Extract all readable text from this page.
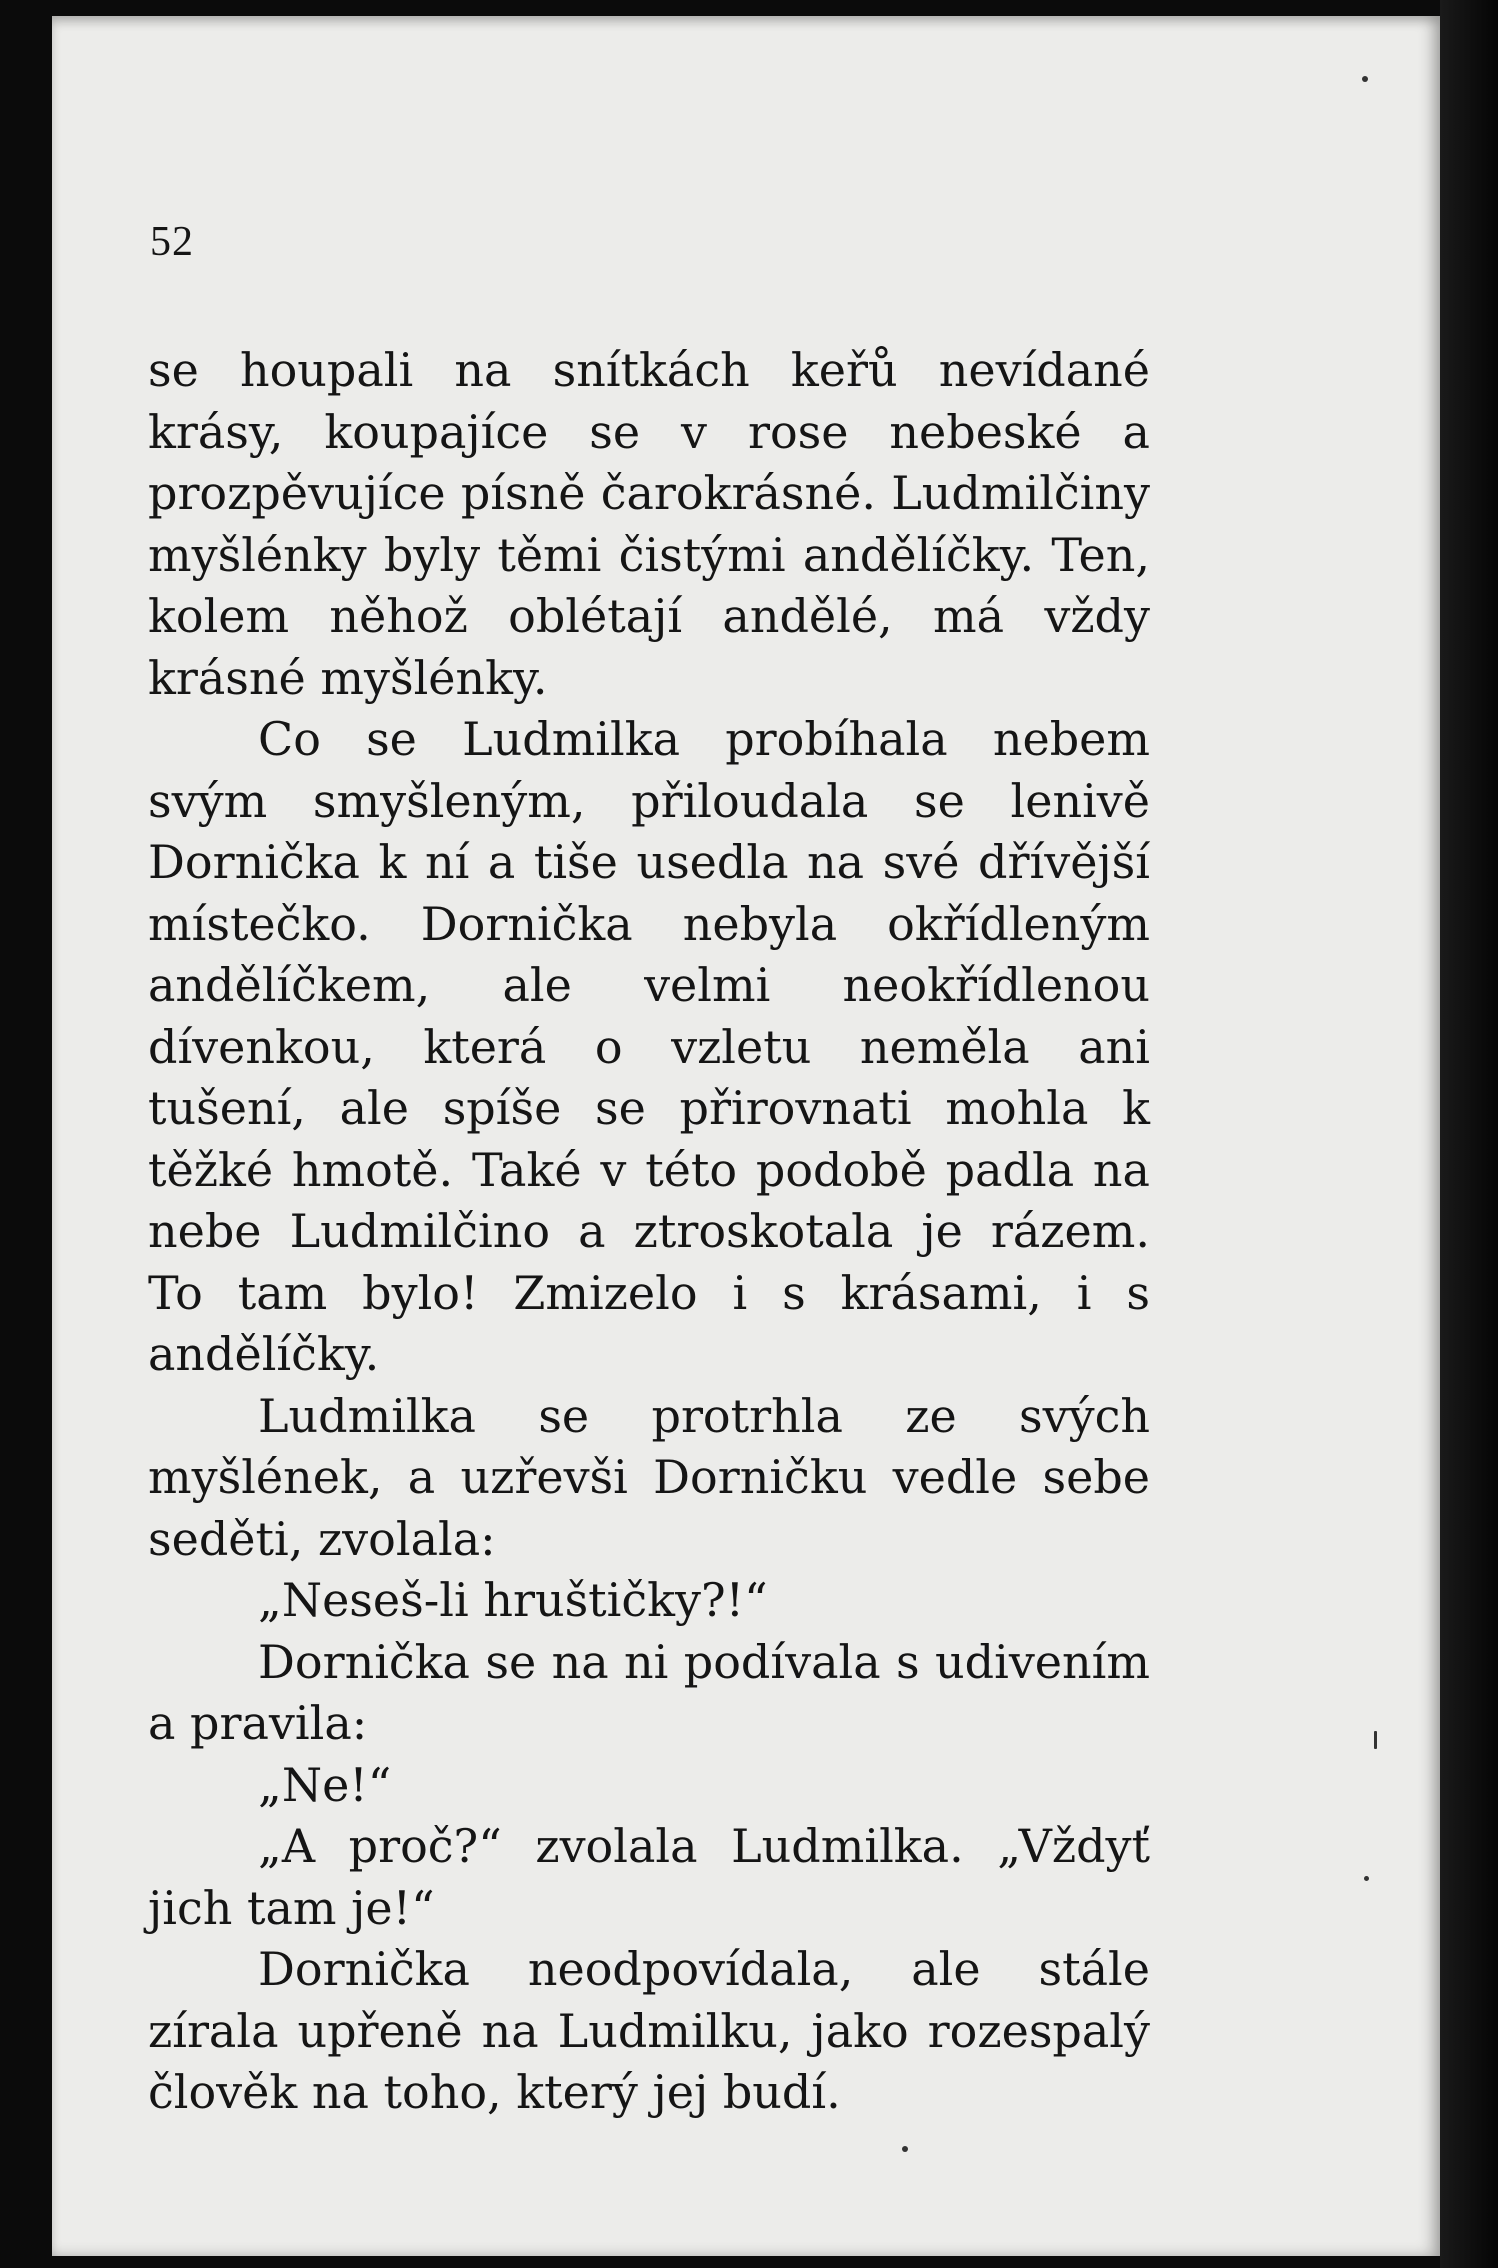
52

se houpali na snítkách keřů nevídané krásy, koupajíce se v rose nebeské a prozpěvujíce písně čarokrásné. Ludmilčiny myšlénky byly těmi čistými andělíčky. Ten, kolem něhož oblétají andělé, má vždy krásné myšlénky.

Co se Ludmilka probíhala nebem svým smyšleným, přiloudala se lenivě Dornička k ní a tiše usedla na své dřívější místečko. Dornička nebyla okřídleným andělíčkem, ale velmi neokřídlenou dívenkou, která o vzletu neměla ani tušení, ale spíše se přirovnati mohla k těžké hmotě. Také v této podobě padla na nebe Ludmilčino a ztroskotala je rázem. To tam bylo! Zmizelo i s krásami, i s andělíčky.

Ludmilka se protrhla ze svých myšlének, a uzřevši Dorničku vedle sebe seděti, zvolala:

„Neseš-li hruštičky?!“

Dornička se na ni podívala s udivením a pravila:

„Ne!“

„A proč?“ zvolala Ludmilka. „Vždyť jich tam je!“

Dornička neodpovídala, ale stále zírala upřeně na Ludmilku, jako rozespalý člověk na toho, který jej budí.
